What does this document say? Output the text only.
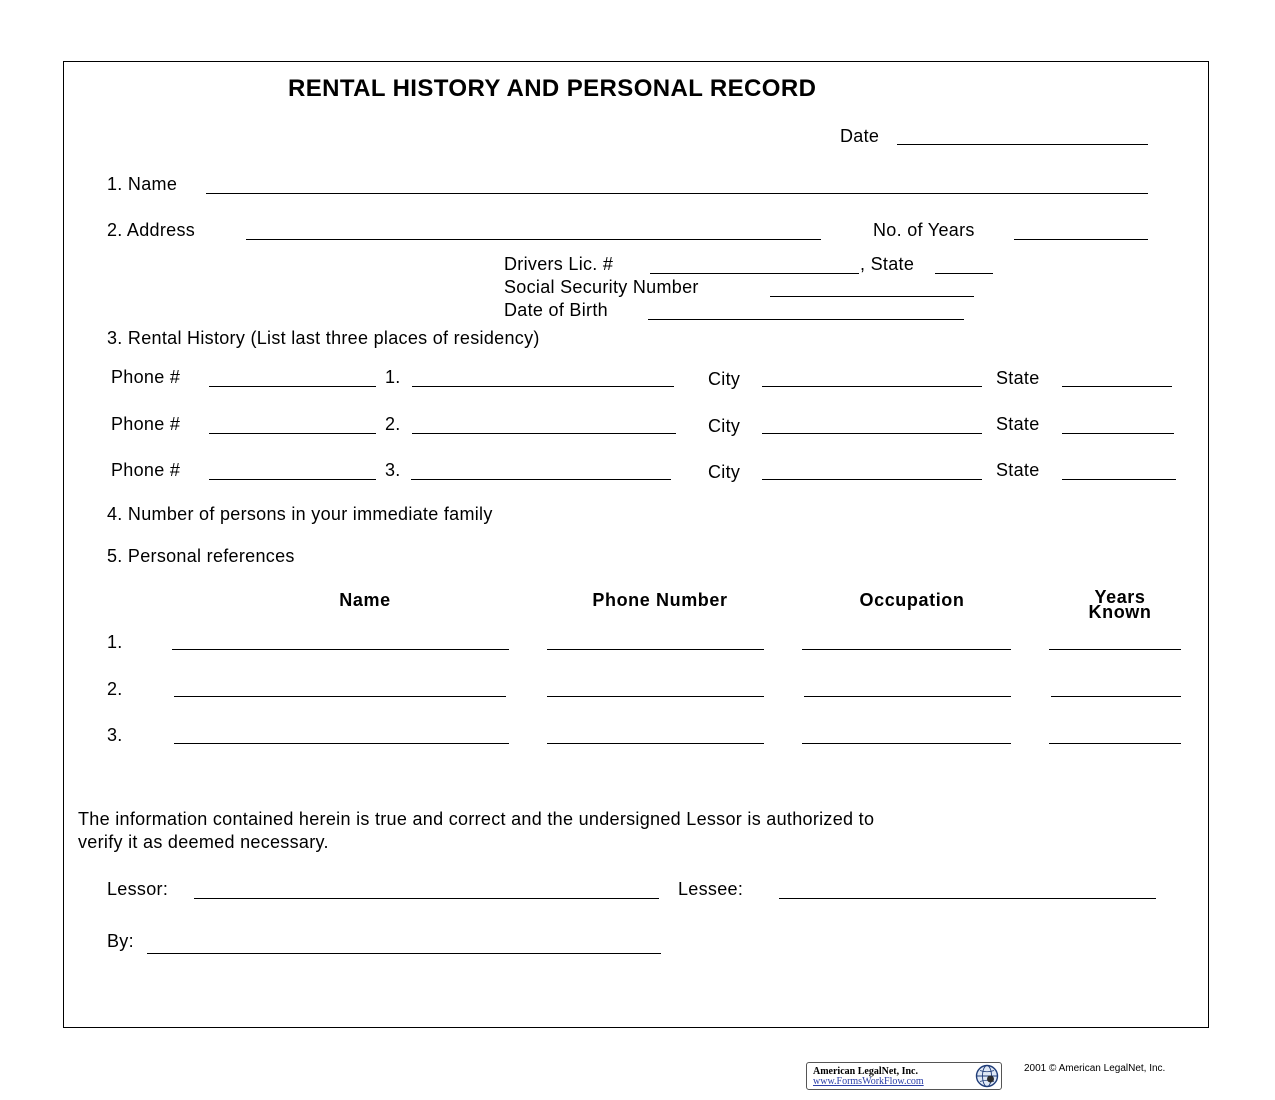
RENTAL HISTORY AND PERSONAL RECORD
Date
1. Name
2. Address	No. of Years
Drivers Lic. #	, State
Social Security Number
Date of Birth
3. Rental History (List last three places of residency)
Phone #	1.	City	State
Phone #	2.	City	State
Phone #	3.	City	State
4. Number of persons in your immediate family
5. Personal references
Name	Phone Number	Occupation	Years
Known
1.
2.
3.
The information contained herein is true and correct and the undersigned Lessor is authorized to
verify it as deemed necessary.
Lessor:	Lessee:
By:
American LegalNet, Inc.
www.FormsWorkFlow.com
2001 © American LegalNet, Inc.
